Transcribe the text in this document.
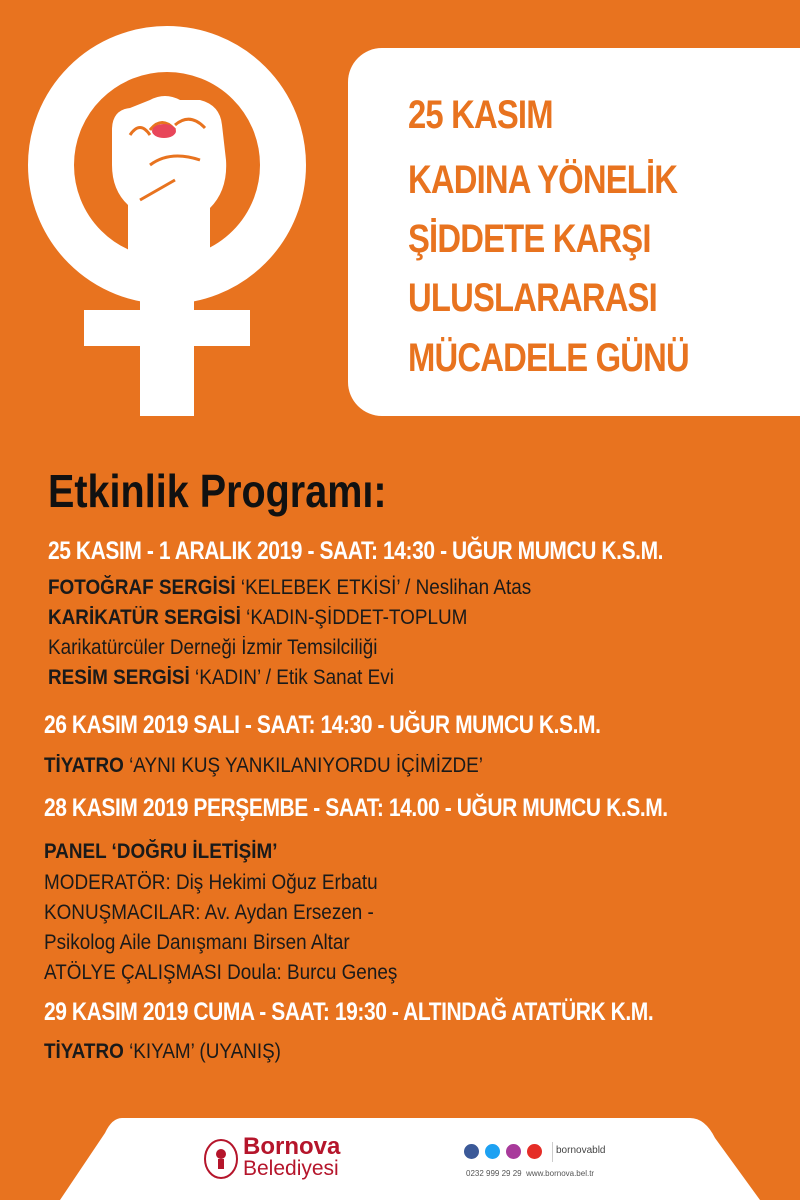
25 KASIM
KADINA YÖNELİK
ŞİDDETE KARŞI
ULUSLARARASI
MÜCADELE GÜNÜ
Etkinlik Programı:
25 KASIM - 1 ARALIK 2019 - SAAT: 14:30 - UĞUR MUMCU K.S.M.
FOTOĞRAF SERGİSİ ‘KELEBEK ETKİSİ’ / Neslihan Atas
KARİKATÜR SERGİSİ ‘KADIN-ŞİDDET-TOPLUM
Karikatürcüler Derneği İzmir Temsilciliği
RESİM SERGİSİ ‘KADIN’ / Etik Sanat Evi
26 KASIM 2019 SALI - SAAT: 14:30 - UĞUR MUMCU K.S.M.
TİYATRO ‘AYNI KUŞ YANKILANIYORDU İÇİMİZDE’
28 KASIM 2019 PERŞEMBE - SAAT: 14.00 - UĞUR MUMCU K.S.M.
PANEL ‘DOĞRU İLETİŞİM’
MODERATÖR: Diş Hekimi Oğuz Erbatu
KONUŞMACILAR: Av. Aydan Ersezen -
Psikolog Aile Danışmanı Birsen Altar
ATÖLYE ÇALIŞMASI Doula: Burcu Geneş
29 KASIM 2019 CUMA - SAAT: 19:30 - ALTINDAĞ ATATÜRK K.M.
TİYATRO ‘KIYAM’ (UYANIŞ)
Bornova
Belediyesi
bornovabld
0232 999 29 29 www.bornova.bel.tr
